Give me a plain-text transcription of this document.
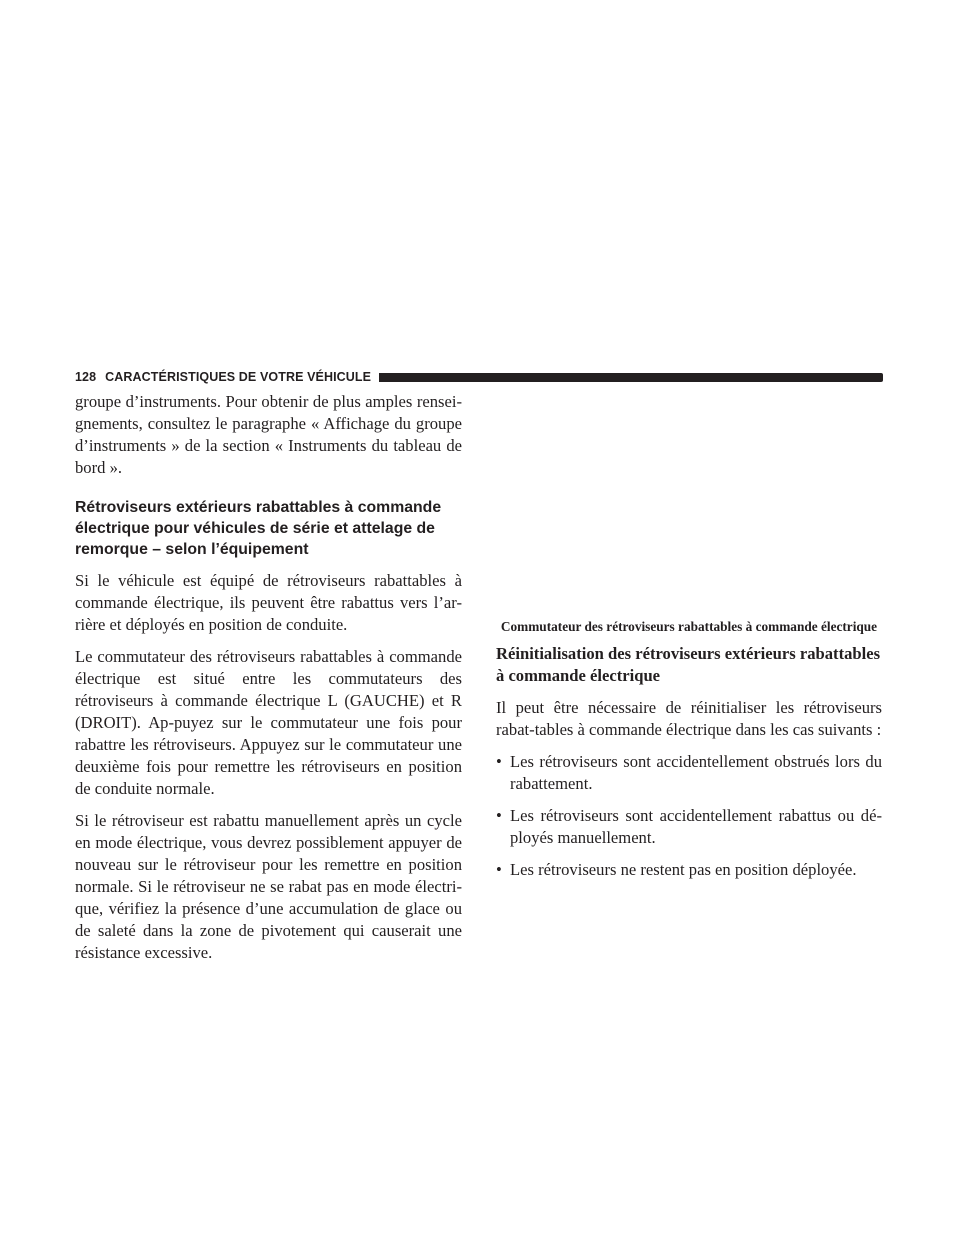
128 CARACTÉRISTIQUES DE VOTRE VÉHICULE

groupe d’instruments. Pour obtenir de plus amples rensei-gnements, consultez le paragraphe « Affichage du groupe d’instruments » de la section « Instruments du tableau de bord ».

Rétroviseurs extérieurs rabattables à commande électrique pour véhicules de série et attelage de remorque – selon l’équipement

Si le véhicule est équipé de rétroviseurs rabattables à commande électrique, ils peuvent être rabattus vers l’ar-rière et déployés en position de conduite.

Le commutateur des rétroviseurs rabattables à commande électrique est situé entre les commutateurs des rétroviseurs à commande électrique L (GAUCHE) et R (DROIT). Ap-puyez sur le commutateur une fois pour rabattre les rétroviseurs. Appuyez sur le commutateur une deuxième fois pour remettre les rétroviseurs en position de conduite normale.

Si le rétroviseur est rabattu manuellement après un cycle en mode électrique, vous devrez possiblement appuyer de nouveau sur le rétroviseur pour les remettre en position normale. Si le rétroviseur ne se rabat pas en mode électri-que, vérifiez la présence d’une accumulation de glace ou de saleté dans la zone de pivotement qui causerait une résistance excessive.

Commutateur des rétroviseurs rabattables à commande électrique
Réinitialisation des rétroviseurs extérieurs rabattables à commande électrique

Il peut être nécessaire de réinitialiser les rétroviseurs rabat-tables à commande électrique dans les cas suivants :

• Les rétroviseurs sont accidentellement obstrués lors du rabattement.
• Les rétroviseurs sont accidentellement rabattus ou dé-ployés manuellement.
• Les rétroviseurs ne restent pas en position déployée.
